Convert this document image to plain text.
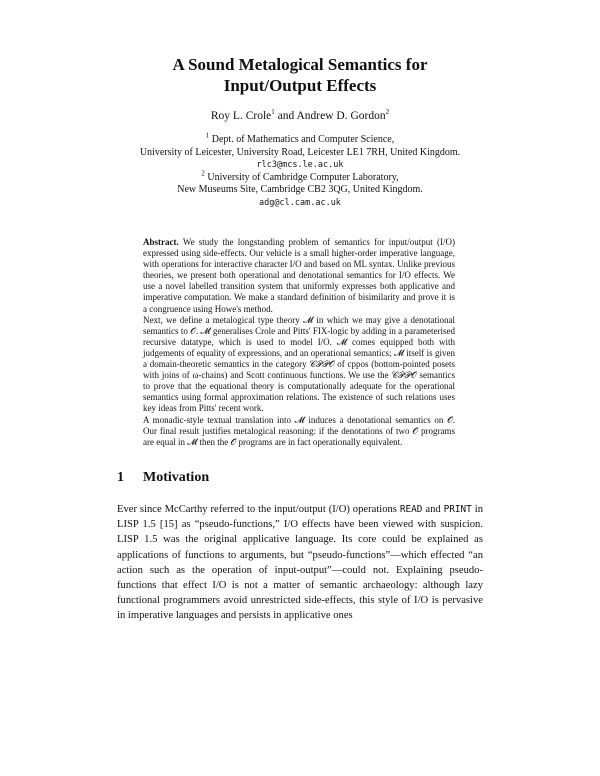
A Sound Metalogical Semantics for
Input/Output Effects
Roy L. Crole$^1$ and Andrew D. Gordon$^2$
$^1$ Dept. of Mathematics and Computer Science,
University of Leicester, University Road, Leicester LE1 7RH, United Kingdom.
rlc3@mcs.le.ac.uk
$^2$ University of Cambridge Computer Laboratory,
New Museums Site, Cambridge CB2 3QG, United Kingdom.
adg@cl.cam.ac.uk

Abstract. We study the longstanding problem of semantics for input/output (I/O) expressed using side-effects. Our vehicle is a small higher-order imperative language, with operations for interactive character I/O and based on ML syntax. Unlike previous theories, we present both operational and denotational semantics for I/O effects. We use a novel labelled transition system that uniformly expresses both applicative and imperative computation. We make a standard definition of bisimilarity and prove it is a congruence using Howe's method.

Next, we define a metalogical type theory 𝓜 in which we may give a denotational semantics to 𝒪. 𝓜 generalises Crole and Pitts' FIX-logic by adding in a parameterised recursive datatype, which is used to model I/O. 𝓜 comes equipped both with judgements of equality of expressions, and an operational semantics; 𝓜 itself is given a domain-theoretic semantics in the category 𝒞𝒫𝒫𝒪 of cppos (bottom-pointed posets with joins of ω-chains) and Scott continuous functions. We use the 𝒞𝒫𝒫𝒪 semantics to prove that the equational theory is computationally adequate for the operational semantics using formal approximation relations. The existence of such relations uses key ideas from Pitts' recent work.

A monadic-style textual translation into 𝓜 induces a denotational semantics on 𝒪. Our final result justifies metalogical reasoning: if the denotations of two 𝒪 programs are equal in 𝓜 then the 𝒪 programs are in fact operationally equivalent.

1 Motivation

Ever since McCarthy referred to the input/output (I/O) operations READ and PRINT in LISP 1.5 [15] as “pseudo-functions,” I/O effects have been viewed with suspicion. LISP 1.5 was the original applicative language. Its core could be explained as applications of functions to arguments, but “pseudo-functions”—which effected “an action such as the operation of input-output”—could not. Explaining pseudo-functions that effect I/O is not a matter of semantic archaeology: although lazy functional programmers avoid unrestricted side-effects, this style of I/O is pervasive in imperative languages and persists in applicative ones
